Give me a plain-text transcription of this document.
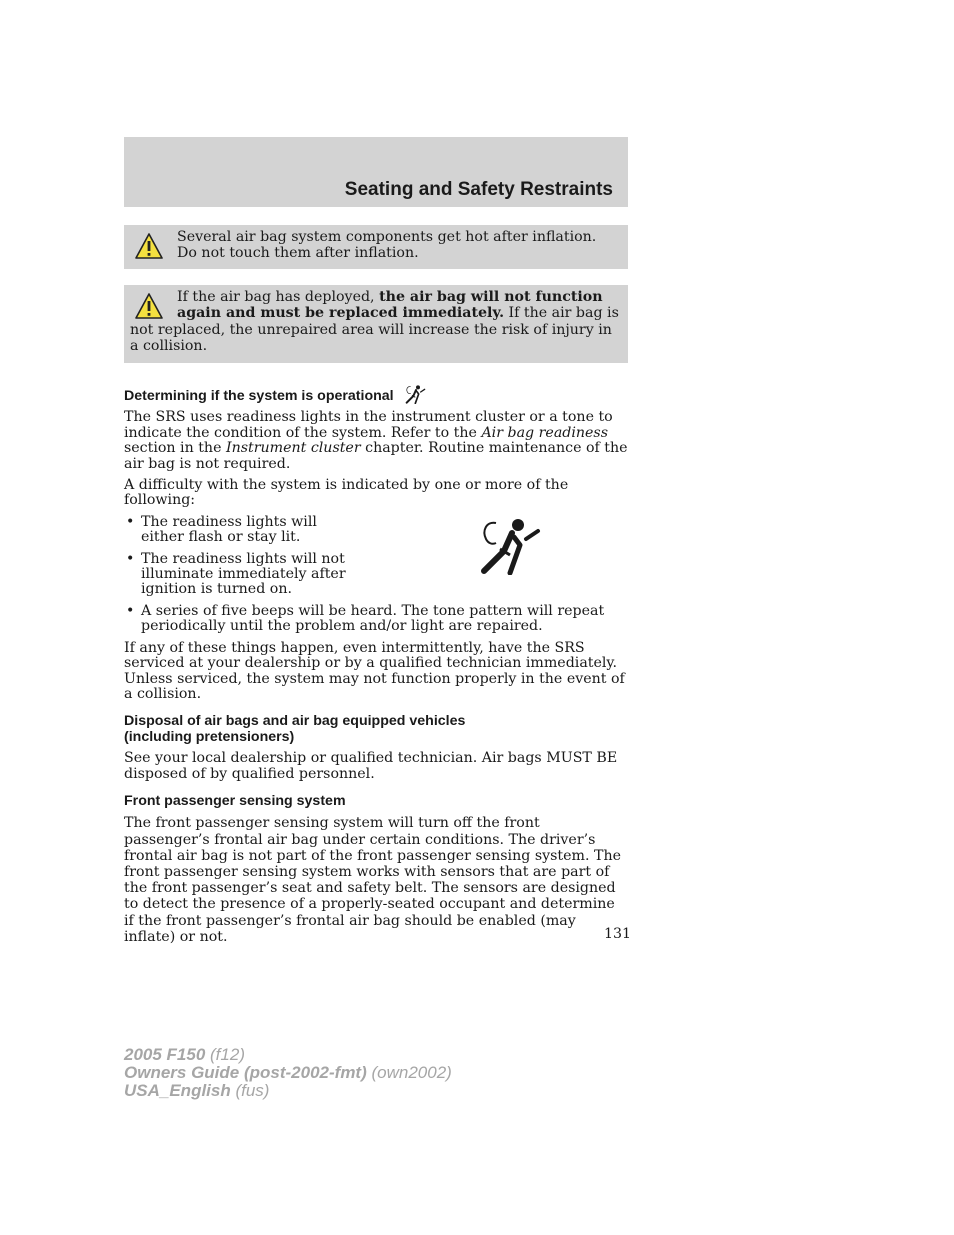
Seating and Safety Restraints
Several air bag system components get hot after inflation. Do not touch them after inflation.
If the air bag has deployed, the air bag will not function again and must be replaced immediately. If the air bag is not replaced, the unrepaired area will increase the risk of injury in a collision.
Determining if the system is operational

The SRS uses readiness lights in the instrument cluster or a tone to indicate the condition of the system. Refer to the Air bag readiness section in the Instrument cluster chapter. Routine maintenance of the air bag is not required.

A difficulty with the system is indicated by one or more of the following:

• The readiness lights will either flash or stay lit.
• The readiness lights will not illuminate immediately after ignition is turned on.
• A series of five beeps will be heard. The tone pattern will repeat periodically until the problem and/or light are repaired.

If any of these things happen, even intermittently, have the SRS serviced at your dealership or by a qualified technician immediately. Unless serviced, the system may not function properly in the event of a collision.

Disposal of air bags and air bag equipped vehicles
(including pretensioners)

See your local dealership or qualified technician. Air bags MUST BE disposed of by qualified personnel.

Front passenger sensing system

The front passenger sensing system will turn off the front passenger’s frontal air bag under certain conditions. The driver’s frontal air bag is not part of the front passenger sensing system. The front passenger sensing system works with sensors that are part of the front passenger’s seat and safety belt. The sensors are designed to detect the presence of a properly-seated occupant and determine if the front passenger’s frontal air bag should be enabled (may inflate) or not.	131
2005 F150 (f12)
Owners Guide (post-2002-fmt) (own2002)
USA_English (fus)
